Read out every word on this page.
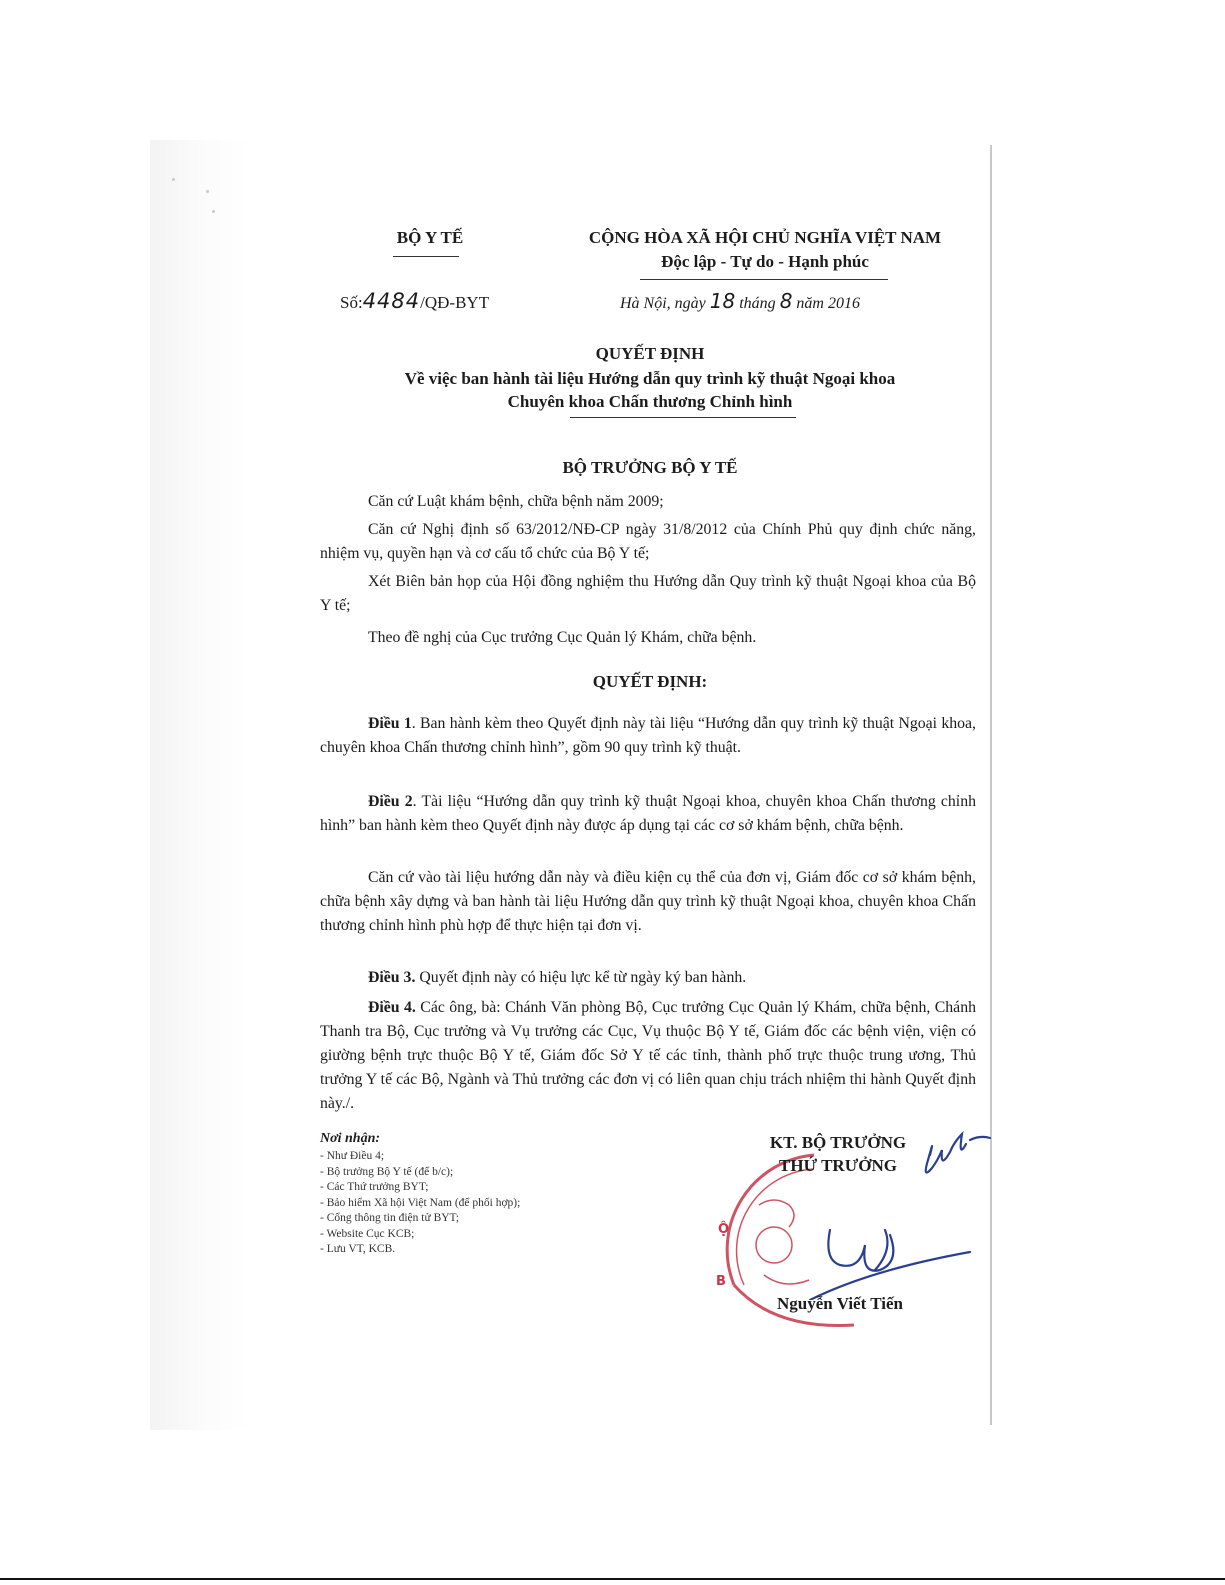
BỘ Y TẾ	CỘNG HÒA XÃ HỘI CHỦ NGHĨA VIỆT NAM
Độc lập - Tự do - Hạnh phúc
Số:4484/QĐ-BYT	Hà Nội, ngày 18 tháng 8 năm 2016
QUYẾT ĐỊNH
Về việc ban hành tài liệu Hướng dẫn quy trình kỹ thuật Ngoại khoa
Chuyên khoa Chấn thương Chỉnh hình
BỘ TRƯỞNG BỘ Y TẾ

Căn cứ Luật khám bệnh, chữa bệnh năm 2009;

Căn cứ Nghị định số 63/2012/NĐ-CP ngày 31/8/2012 của Chính Phủ quy định chức năng, nhiệm vụ, quyền hạn và cơ cấu tổ chức của Bộ Y tế;

Xét Biên bản họp của Hội đồng nghiệm thu Hướng dẫn Quy trình kỹ thuật Ngoại khoa của Bộ Y tế;

Theo đề nghị của Cục trưởng Cục Quản lý Khám, chữa bệnh.

QUYẾT ĐỊNH:

Điều 1. Ban hành kèm theo Quyết định này tài liệu “Hướng dẫn quy trình kỹ thuật Ngoại khoa, chuyên khoa Chấn thương chỉnh hình”, gồm 90 quy trình kỹ thuật.

Điều 2. Tài liệu “Hướng dẫn quy trình kỹ thuật Ngoại khoa, chuyên khoa Chấn thương chỉnh hình” ban hành kèm theo Quyết định này được áp dụng tại các cơ sở khám bệnh, chữa bệnh.

Căn cứ vào tài liệu hướng dẫn này và điều kiện cụ thể của đơn vị, Giám đốc cơ sở khám bệnh, chữa bệnh xây dựng và ban hành tài liệu Hướng dẫn quy trình kỹ thuật Ngoại khoa, chuyên khoa Chấn thương chỉnh hình phù hợp để thực hiện tại đơn vị.

Điều 3. Quyết định này có hiệu lực kể từ ngày ký ban hành.

Điều 4. Các ông, bà: Chánh Văn phòng Bộ, Cục trưởng Cục Quản lý Khám, chữa bệnh, Chánh Thanh tra Bộ, Cục trưởng và Vụ trưởng các Cục, Vụ thuộc Bộ Y tế, Giám đốc các bệnh viện, viện có giường bệnh trực thuộc Bộ Y tế, Giám đốc Sở Y tế các tỉnh, thành phố trực thuộc trung ương, Thủ trưởng Y tế các Bộ, Ngành và Thủ trưởng các đơn vị có liên quan chịu trách nhiệm thi hành Quyết định này./.

Nơi nhận:
- Như Điều 4;
- Bộ trưởng Bộ Y tế (để b/c);
- Các Thứ trưởng BYT;
- Bảo hiểm Xã hội Việt Nam (để phối hợp);
- Cổng thông tin điện tử BYT;
- Website Cục KCB;
- Lưu VT, KCB.
Ộ
B
KT. BỘ TRƯỞNG
THỨ TRƯỞNG
Nguyễn Viết Tiến
